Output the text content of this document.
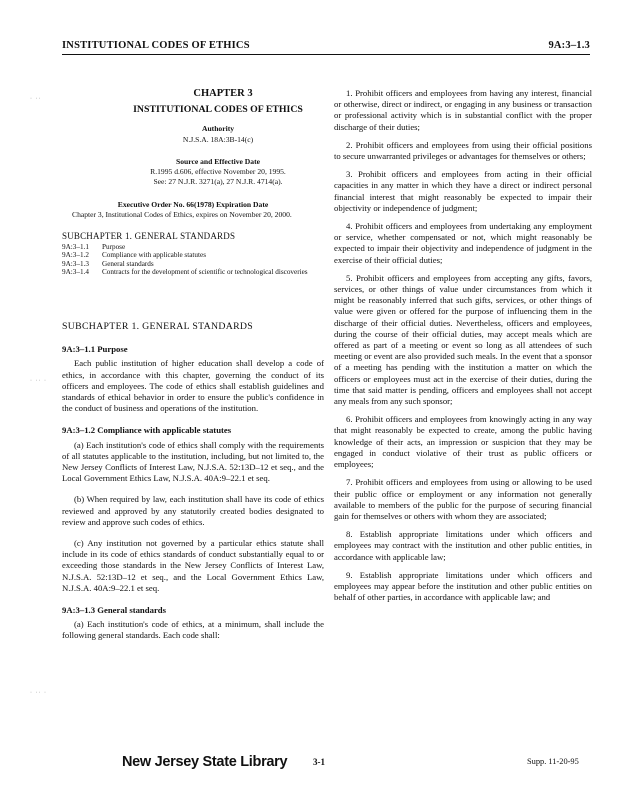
INSTITUTIONAL CODES OF ETHICS	9A:3–1.3
· ··
· ·· ·
· ·· ·
CHAPTER 3
INSTITUTIONAL CODES OF ETHICS
Authority
N.J.S.A. 18A:3B-14(c)
Source and Effective Date
R.1995 d.606, effective November 20, 1995.
See: 27 N.J.R. 3271(a), 27 N.J.R. 4714(a).
Executive Order No. 66(1978) Expiration Date

Chapter 3, Institutional Codes of Ethics, expires on November 20, 2000.

SUBCHAPTER 1. GENERAL STANDARDS
9A:3–1.1 Purpose
9A:3–1.2 Compliance with applicable statutes
9A:3–1.3 General standards
9A:3–1.4 Contracts for the development of scientific or technological discoveries
SUBCHAPTER 1. GENERAL STANDARDS
9A:3–1.1 Purpose

Each public institution of higher education shall develop a code of ethics, in accordance with this chapter, governing the conduct of its officers and employees. The code of ethics shall establish guidelines and standards of ethical behavior in order to ensure the public's confidence in the conduct of business and operations of the institution.

9A:3–1.2 Compliance with applicable statutes

(a) Each institution's code of ethics shall comply with the requirements of all statutes applicable to the institution, including, but not limited to, the New Jersey Conflicts of Interest Law, N.J.S.A. 52:13D–12 et seq., and the Local Government Ethics Law, N.J.S.A. 40A:9–22.1 et seq.

(b) When required by law, each institution shall have its code of ethics reviewed and approved by any statutorily created bodies designated to review and approve such codes of ethics.

(c) Any institution not governed by a particular ethics statute shall include in its code of ethics standards of conduct substantially equal to or exceeding those standards in the New Jersey Conflicts of Interest Law, N.J.S.A. 52:13D–12 et seq., and the Local Government Ethics Law, N.J.S.A. 40A:9–22.1 et seq.

9A:3–1.3 General standards

(a) Each institution's code of ethics, at a minimum, shall include the following general standards. Each code shall:

1. Prohibit officers and employees from having any interest, financial or otherwise, direct or indirect, or engaging in any business or transaction or professional activity which is in substantial conflict with the proper discharge of their duties;

2. Prohibit officers and employees from using their official positions to secure unwarranted privileges or advantages for themselves or others;

3. Prohibit officers and employees from acting in their official capacities in any matter in which they have a direct or indirect personal financial interest that might reasonably be expected to impair their objectivity or independence of judgment;

4. Prohibit officers and employees from undertaking any employment or service, whether compensated or not, which might reasonably be expected to impair their objectivity and independence of judgment in the exercise of their official duties;

5. Prohibit officers and employees from accepting any gifts, favors, services, or other things of value under circumstances from which it might be reasonably inferred that such gifts, services, or other things of value were given or offered for the purpose of influencing them in the discharge of their official duties. Nevertheless, officers and employees, during the course of their official duties, may accept meals which are offered as part of a meeting or event so long as all attendees of such meeting or event are also provided such meals. In the event that a sponsor of a meeting has pending with the institution a matter on which the officers or employees must act in the exercise of their duties, during the time that said matter is pending, officers and employees shall not accept any meals from any such sponsor;

6. Prohibit officers and employees from knowingly acting in any way that might reasonably be expected to create, among the public having knowledge of their acts, an impression or suspicion that they may be engaged in conduct violative of their trust as public officers or employees;

7. Prohibit officers and employees from using or allowing to be used their public office or employment or any information not generally available to members of the public for the purpose of securing financial gain for themselves or others with whom they are associated;

8. Establish appropriate limitations under which officers and employees may contract with the institution and other public entities, in accordance with applicable law;

9. Establish appropriate limitations under which officers and employees may appear before the institution and other public entities on behalf of other parties, in accordance with applicable law; and

New Jersey State Library	3-1	Supp. 11-20-95
